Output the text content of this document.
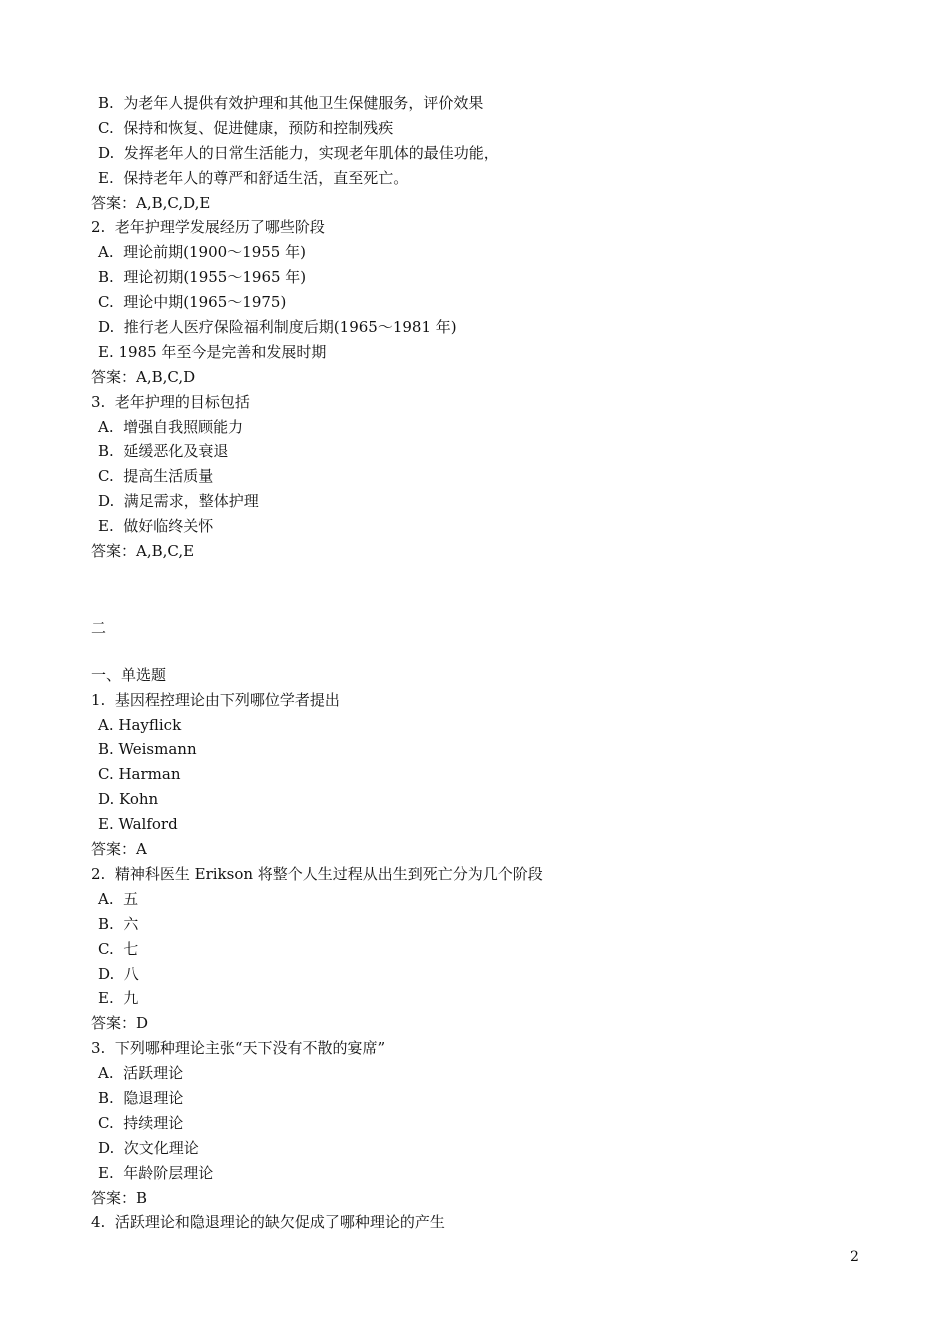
B.  为老年人提供有效护理和其他卫生保健服务，评价效果
C.  保持和恢复、促进健康，预防和控制残疾
D.  发挥老年人的日常生活能力，实现老年肌体的最佳功能，
E.  保持老年人的尊严和舒适生活，直至死亡。
答案：A,B,C,D,E
2.  老年护理学发展经历了哪些阶段
A.  理论前期(1900～1955 年)
B.  理论初期(1955～1965 年)
C.  理论中期(1965～1975)
D.  推行老人医疗保险福利制度后期(1965～1981 年)
E. 1985 年至今是完善和发展时期
答案：A,B,C,D
3.  老年护理的目标包括
A.  增强自我照顾能力
B.  延缓恶化及衰退
C.  提高生活质量
D.  满足需求，整体护理
E.  做好临终关怀
答案：A,B,C,E
二
一、单选题
1.  基因程控理论由下列哪位学者提出
A. Hayflick
B. Weismann
C. Harman
D. Kohn
E. Walford
答案：A
2.  精神科医生 Erikson 将整个人生过程从出生到死亡分为几个阶段
A.  五
B.  六
C.  七
D.  八
E.  九
答案：D
3.  下列哪种理论主张“天下没有不散的宴席”
A.  活跃理论
B.  隐退理论
C.  持续理论
D.  次文化理论
E.  年龄阶层理论
答案：B
4.  活跃理论和隐退理论的缺欠促成了哪种理论的产生
2
